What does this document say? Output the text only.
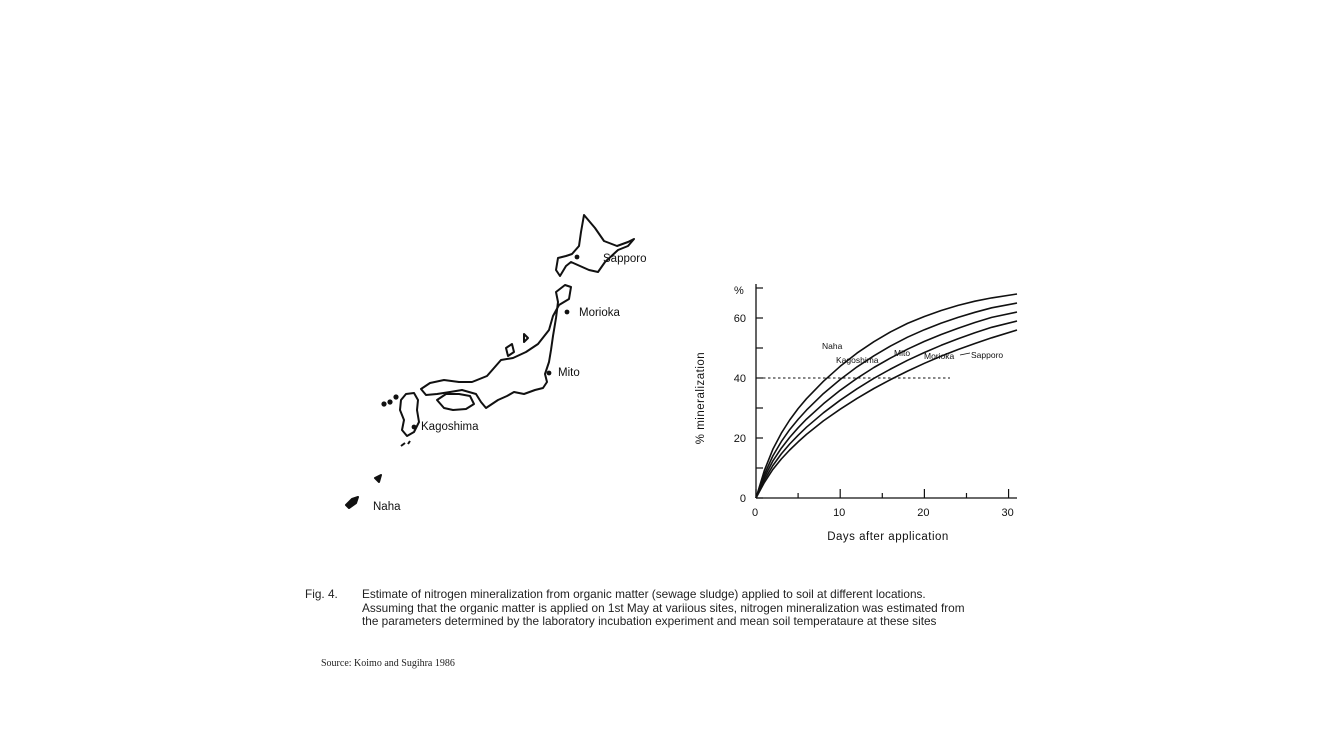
Sapporo
Morioka
Mito
Kagoshima
Naha
0
20
40
60
0	10	20	30
%
Days after application
% mineralization
Naha
Kagoshima
Mito Morioka Sapporo
Fig. 4. Estimate of nitrogen mineralization from organic matter (sewage sludge) applied to soil at different locations. Assuming that the organic matter is applied on 1st May at variious sites, nitrogen mineralization was estimated from the parameters determined by the laboratory incubation experiment and mean soil temperataure at these sites
Source: Koimo and Sugihra 1986
